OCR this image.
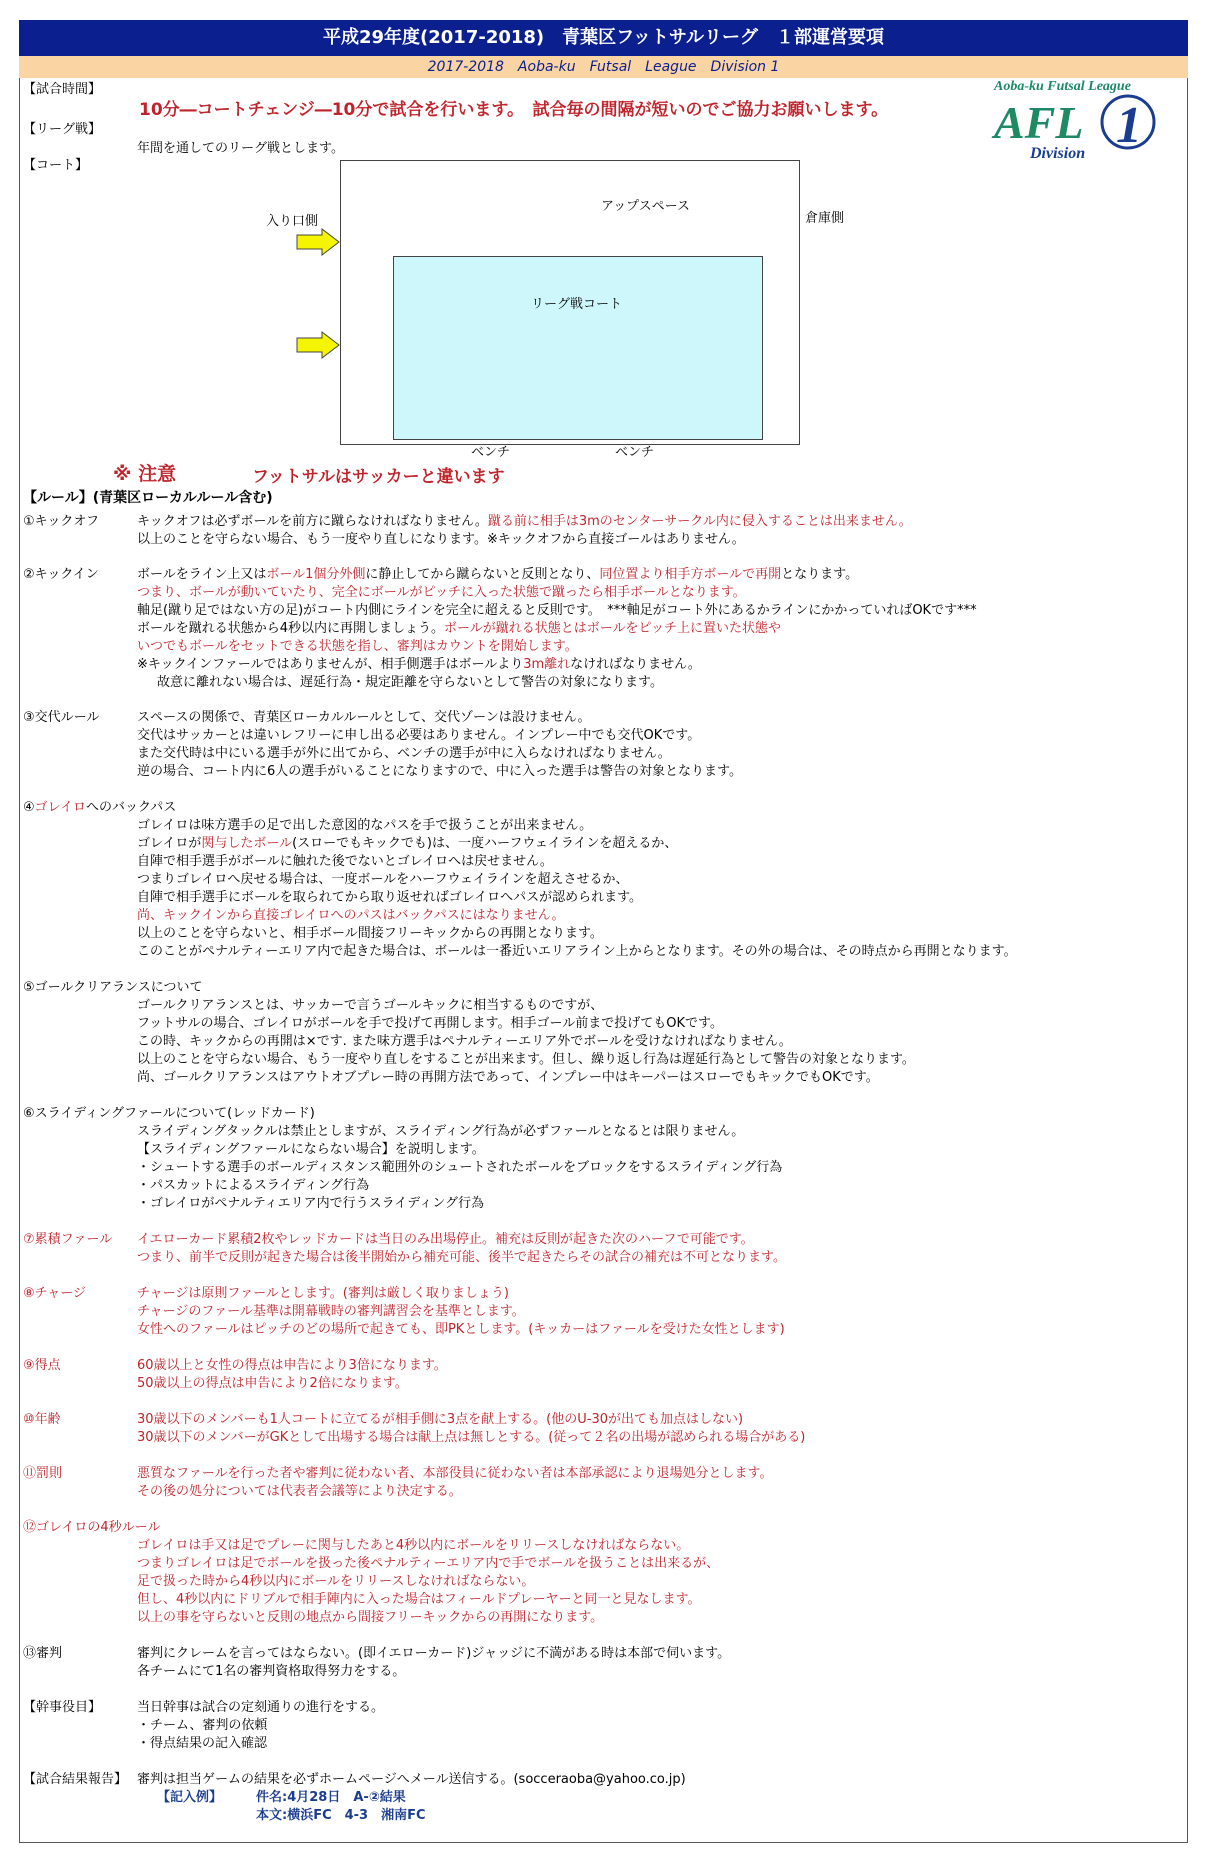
平成29年度(2017-2018)　青葉区フットサルリーグ　１部運営要項
2017-2018　Aoba-ku　Futsal　League　Division 1
Aoba-ku Futsal League
AFL 1
Division
【試合時間】
10分―コートチェンジ―10分で試合を行います。　試合毎の間隔が短いのでご協力お願いします。
【リーグ戦】
年間を通してのリーグ戦とします。
【コート】
アップスペース
リーグ戦コート
入り口側	倉庫側
ベンチ	ベンチ
※ 注意	フットサルはサッカーと違います
【ルール】(青葉区ローカルルール含む)
①キックオフ	キックオフは必ずボールを前方に蹴らなければなりません。蹴る前に相手は3mのセンターサークル内に侵入することは出来ません。
以上のことを守らない場合、もう一度やり直しになります。※キックオフから直接ゴールはありません。
②キックイン	ボールをライン上又はボール1個分外側に静止してから蹴らないと反則となり、同位置より相手方ボールで再開となります。
つまり、ボールが動いていたり、完全にボールがピッチに入った状態で蹴ったら相手ボールとなります。
軸足(蹴り足ではない方の足)がコート内側にラインを完全に超えると反則です。　***軸足がコート外にあるかラインにかかっていればOKです***
ボールを蹴れる状態から4秒以内に再開しましょう。ボールが蹴れる状態とはボールをピッチ上に置いた状態や
いつでもボールをセットできる状態を指し、審判はカウントを開始します。
※キックインファールではありませんが、相手側選手はボールより3m離れなければなりません。
故意に離れない場合は、遅延行為・規定距離を守らないとして警告の対象になります。
③交代ルール	スペースの関係で、青葉区ローカルルールとして、交代ゾーンは設けません。
交代はサッカーとは違いレフリーに申し出る必要はありません。インプレー中でも交代OKです。
また交代時は中にいる選手が外に出てから、ベンチの選手が中に入らなければなりません。
逆の場合、コート内に6人の選手がいることになりますので、中に入った選手は警告の対象となります。
④ゴレイロへのバックパス
ゴレイロは味方選手の足で出した意図的なパスを手で扱うことが出来ません。
ゴレイロが関与したボール(スローでもキックでも)は、一度ハーフウェイラインを超えるか、
自陣で相手選手がボールに触れた後でないとゴレイロへは戻せません。
つまりゴレイロへ戻せる場合は、一度ボールをハーフウェイラインを超えさせるか、
自陣で相手選手にボールを取られてから取り返せればゴレイロへパスが認められます。
尚、キックインから直接ゴレイロへのパスはバックパスにはなりません。
以上のことを守らないと、相手ボール間接フリーキックからの再開となります。
このことがペナルティーエリア内で起きた場合は、ボールは一番近いエリアライン上からとなります。その外の場合は、その時点から再開となります。
⑤ゴールクリアランスについて
ゴールクリアランスとは、サッカーで言うゴールキックに相当するものですが、
フットサルの場合、ゴレイロがボールを手で投げて再開します。相手ゴール前まで投げてもOKです。
この時、キックからの再開は×です. また味方選手はペナルティーエリア外でボールを受けなければなりません。
以上のことを守らない場合、もう一度やり直しをすることが出来ます。但し、繰り返し行為は遅延行為として警告の対象となります。
尚、ゴールクリアランスはアウトオブプレー時の再開方法であって、インプレー中はキーパーはスローでもキックでもOKです。
⑥スライディングファールについて(レッドカード)
スライディングタックルは禁止としますが、スライディング行為が必ずファールとなるとは限りません。
【スライディングファールにならない場合】を説明します。
・シュートする選手のボールディスタンス範囲外のシュートされたボールをブロックをするスライディング行為
・パスカットによるスライディング行為
・ゴレイロがペナルティエリア内で行うスライディング行為
⑦累積ファール イエローカード累積2枚やレッドカードは当日のみ出場停止。補充は反則が起きた次のハーフで可能です。
つまり、前半で反則が起きた場合は後半開始から補充可能、後半で起きたらその試合の補充は不可となります。
⑧チャージ	チャージは原則ファールとします。(審判は厳しく取りましょう)
チャージのファール基準は開幕戦時の審判講習会を基準とします。
女性へのファールはピッチのどの場所で起きても、即PKとします。(キッカーはファールを受けた女性とします)
⑨得点	60歳以上と女性の得点は申告により3倍になります。
50歳以上の得点は申告により2倍になります。
⑩年齢	30歳以下のメンバーも1人コートに立てるが相手側に3点を献上する。(他のU-30が出ても加点はしない)
30歳以下のメンバーがGKとして出場する場合は献上点は無しとする。(従って２名の出場が認められる場合がある)
⑪罰則	悪質なファールを行った者や審判に従わない者、本部役員に従わない者は本部承認により退場処分とします。
その後の処分については代表者会議等により決定する。
⑫ゴレイロの4秒ルール
ゴレイロは手又は足でプレーに関与したあと4秒以内にボールをリリースしなければならない。
つまりゴレイロは足でボールを扱った後ペナルティーエリア内で手でボールを扱うことは出来るが、
足で扱った時から4秒以内にボールをリリースしなければならない。
但し、4秒以内にドリブルで相手陣内に入った場合はフィールドプレーヤーと同一と見なします。
以上の事を守らないと反則の地点から間接フリーキックからの再開になります。
⑬審判	審判にクレームを言ってはならない。(即イエローカード)ジャッジに不満がある時は本部で伺います。
各チームにて1名の審判資格取得努力をする。
【幹事役目】	当日幹事は試合の定刻通りの進行をする。
・チーム、審判の依頼
・得点結果の記入確認
【試合結果報告】 審判は担当ゲームの結果を必ずホームページへメール送信する。(socceraoba@yahoo.co.jp)
【記入例】	件名:4月28日　A-②結果
本文:横浜FC　4-3　湘南FC
